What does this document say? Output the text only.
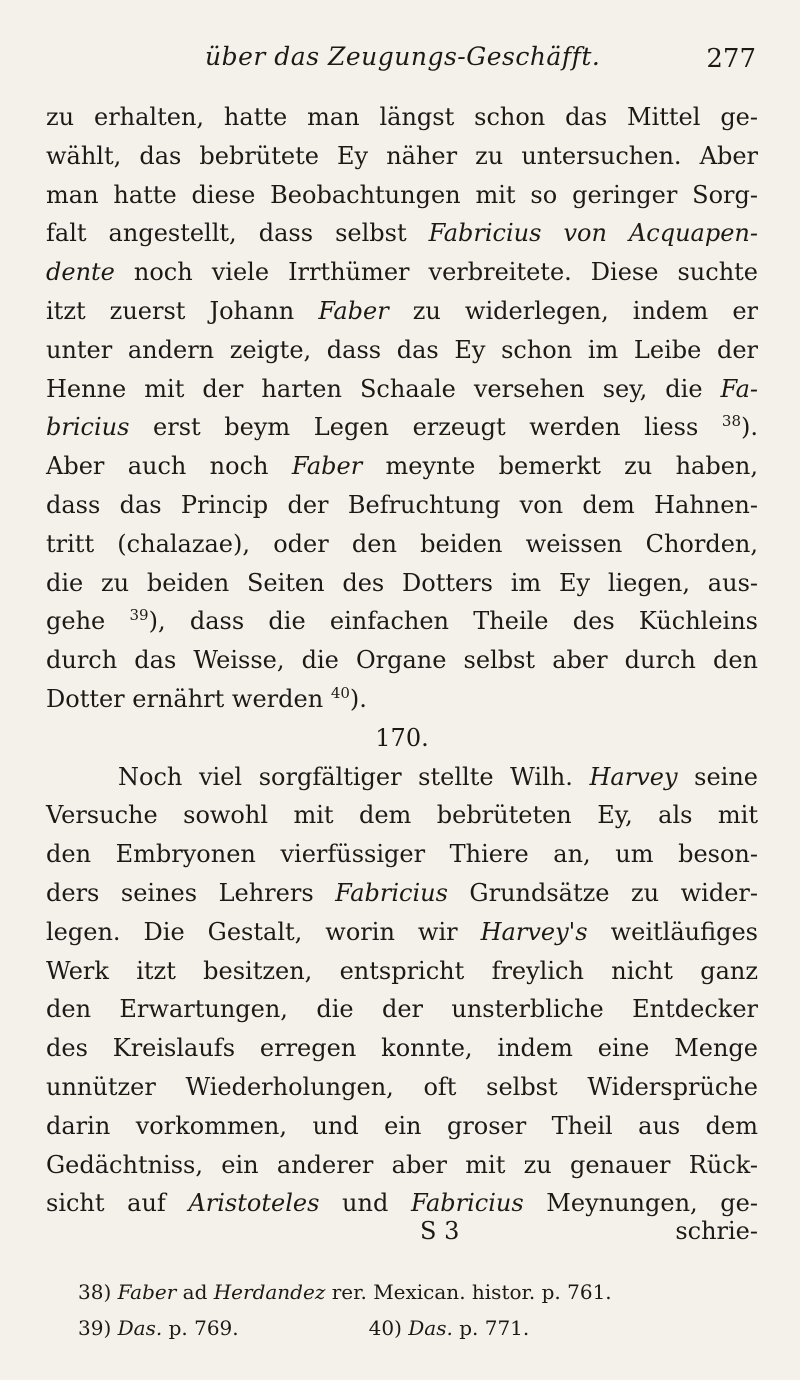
über das Zeugungs-Geschäfft.	277
zu erhalten, hatte man längst schon das Mittel ge-
wählt, das bebrütete Ey näher zu untersuchen. Aber
man hatte diese Beobachtungen mit so geringer Sorg-
falt angestellt, dass selbst Fabricius von Acquapen-
dente noch viele Irrthümer verbreitete. Diese suchte
itzt zuerst Johann Faber zu widerlegen, indem er
unter andern zeigte, dass das Ey schon im Leibe der
Henne mit der harten Schaale versehen sey, die Fa-
bricius erst beym Legen erzeugt werden liess $^{38}$).
Aber auch noch Faber meynte bemerkt zu haben,
dass das Princip der Befruchtung von dem Hahnen-
tritt (chalazae), oder den beiden weissen Chorden,
die zu beiden Seiten des Dotters im Ey liegen, aus-
gehe $^{39}$), dass die einfachen Theile des Küchleins
durch das Weisse, die Organe selbst aber durch den
Dotter ernährt werden $^{40}$).
170.
Noch viel sorgfältiger stellte Wilh. Harvey seine
Versuche sowohl mit dem bebrüteten Ey, als mit
den Embryonen vierfüssiger Thiere an, um beson-
ders seines Lehrers Fabricius Grundsätze zu wider-
legen. Die Gestalt, worin wir Harvey's weitläufiges
Werk itzt besitzen, entspricht freylich nicht ganz
den Erwartungen, die der unsterbliche Entdecker
des Kreislaufs erregen konnte, indem eine Menge
unnützer Wiederholungen, oft selbst Widersprüche
darin vorkommen, und ein groser Theil aus dem
Gedächtniss, ein anderer aber mit zu genauer Rück-
sicht auf Aristoteles und Fabricius Meynungen, ge-
S 3	schrie-
38) Faber ad Herdandez rer. Mexican. histor. p. 761.
39) Das. p. 769.	40) Das. p. 771.
